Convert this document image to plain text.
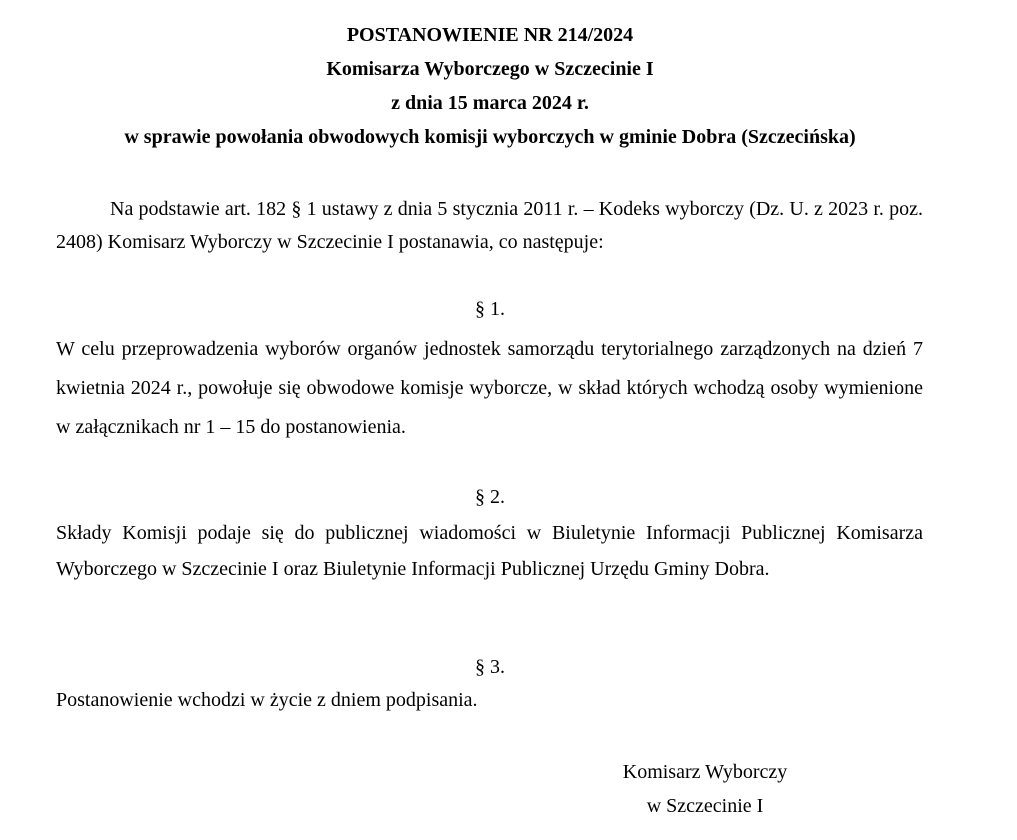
POSTANOWIENIE NR 214/2024
Komisarza Wyborczego w Szczecinie I
z dnia 15 marca 2024 r.
w sprawie powołania obwodowych komisji wyborczych w gminie Dobra (Szczecińska)
Na podstawie art. 182 § 1 ustawy z dnia 5 stycznia 2011 r. – Kodeks wyborczy (Dz. U. z 2023 r. poz. 2408) Komisarz Wyborczy w Szczecinie I postanawia, co następuje:
§ 1.
W celu przeprowadzenia wyborów organów jednostek samorządu terytorialnego zarządzonych na dzień 7 kwietnia 2024 r., powołuje się obwodowe komisje wyborcze, w skład których wchodzą osoby wymienione w załącznikach nr 1 – 15 do postanowienia.
§ 2.
Składy Komisji podaje się do publicznej wiadomości w Biuletynie Informacji Publicznej Komisarza Wyborczego w Szczecinie I oraz Biuletynie Informacji Publicznej Urzędu Gminy Dobra.
§ 3.
Postanowienie wchodzi w życie z dniem podpisania.
Komisarz Wyborczy
w Szczecinie I
